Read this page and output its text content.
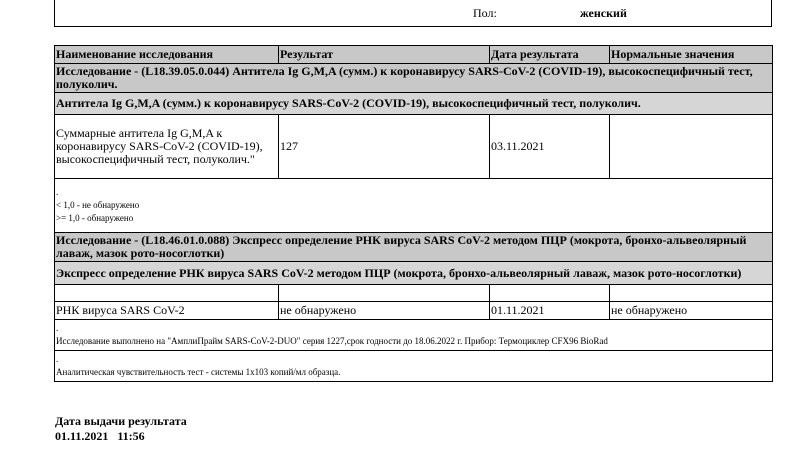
Пол:	женский
Наименование исследования	Результат	Дата результата	Нормальные значения
Исследование - (L18.39.05.0.044) Антитела Ig G,M,A (сумм.) к коронавирусу SARS-CoV-2 (COVID-19), высокоспецифичный тест, полуколич.			
Антитела Ig G,M,A (сумм.) к коронавирусу SARS-CoV-2 (COVID-19), высокоспецифичный тест, полуколич.			
Суммарные антитела Ig G,M,A к коронавирусу SARS-CoV-2 (COVID-19), высокоспецифичный тест, полуколич."	127	03.11.2021	

.
< 1,0 - не обнаружено
>= 1,0 - обнаружено			

Исследование - (L18.46.01.0.088) Экспресс определение РНК вируса SARS CoV-2 методом ПЦР (мокрота, бронхо-альвеолярный лаваж, мазок рото-носоглотки)			
Экспресс определение РНК вируса SARS CoV-2 методом ПЦР (мокрота, бронхо-альвеолярный лаваж, мазок рото-носоглотки)			

РНК вируса SARS CoV-2	не обнаружено	01.11.2021	не обнаружено

.
Исследование выполнено на "АмплиПрайм SARS-CoV-2-DUO" серия 1227,срок годности до 18.06.2022 г. Прибор: Термоциклер CFX96 BioRad			

.
Аналитическая чувствительность тест - системы 1х103 копий/мл образца.			
Дата выдачи результата
01.11.2021   11:56
